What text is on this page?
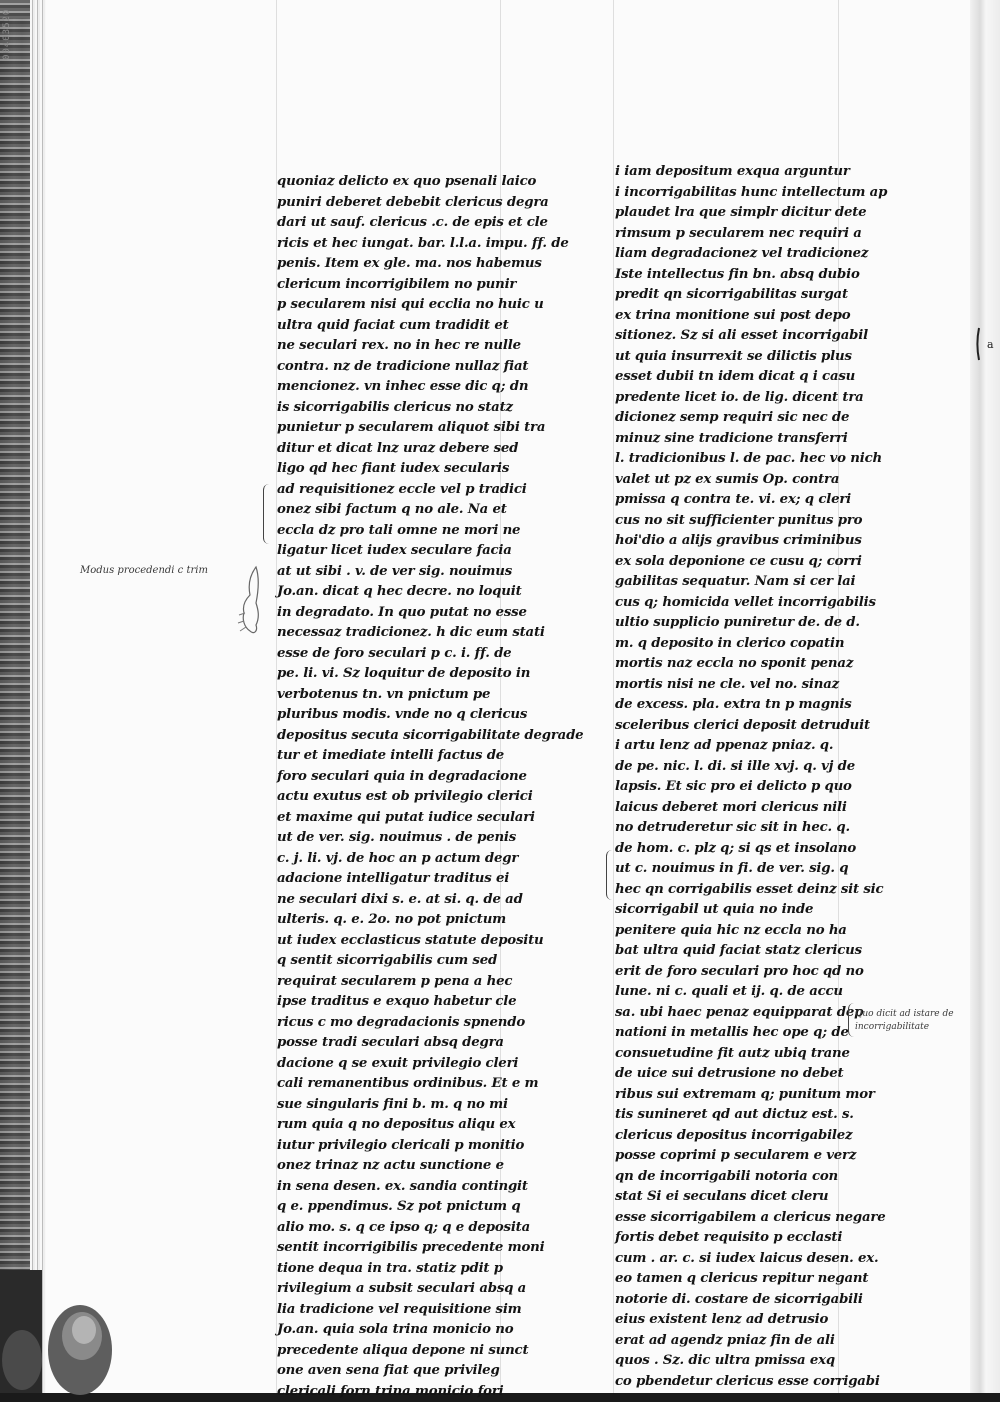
00403520
quoniaz delicto ex quo psenali laico
puniri deberet debebit clericus degra
dari ut sauf. clericus .c. de epis et cle
ricis et hec iungat. bar. l.l.a. impu. ff. de
penis. Item ex gle. ma. nos habemus
clericum incorrigibilem no punir
p secularem nisi qui ecclia no huic u
ultra quid faciat cum tradidit et
ne seculari rex. no in hec re nulle
contra. nz de tradicione nullaz fiat
mencionez. vn inhec esse dic q; dn
is sicorrigabilis clericus no statz
punietur p secularem aliquot sibi tra
ditur et dicat lnz uraz debere sed
ligo qd hec fiant iudex secularis
ad requisitionez eccle vel p tradici
onez sibi factum q no ale. Na et
eccla dz pro tali omne ne mori ne
ligatur licet iudex seculare facia
at ut sibi . v. de ver sig. nouimus
Jo.an. dicat q hec decre. no loquit
in degradato. In quo putat no esse
necessaz tradicionez. h dic eum stati
esse de foro seculari p c. i. ff. de
pe. li. vi. Sz loquitur de deposito in
verbotenus tn. vn pnictum pe
pluribus modis. vnde no q clericus
depositus secuta sicorrigabilitate degrade
tur et imediate intelli factus de
foro seculari quia in degradacione
actu exutus est ob privilegio clerici
et maxime qui putat iudice seculari
ut de ver. sig. nouimus . de penis
c. j. li. vj. de hoc an p actum degr
adacione intelligatur traditus ei
ne seculari dixi s. e. at si. q. de ad
ulteris. q. e. 2o. no pot pnictum
ut iudex ecclasticus statute depositu
q sentit sicorrigabilis cum sed
requirat secularem p pena a hec
ipse traditus e exquo habetur cle
ricus c mo degradacionis spnendo
posse tradi seculari absq degra
dacione q se exuit privilegio cleri
cali remanentibus ordinibus. Et e m
sue singularis fini b. m. q no mi
rum quia q no depositus aliqu ex
iutur privilegio clericali p monitio
onez trinaz nz actu sunctione e
in sena desen. ex. sandia contingit
q e. ppendimus. Sz pot pnictum q
alio mo. s. q ce ipso q; q e deposita
sentit incorrigibilis precedente moni
tione dequa in tra. statiz pdit p
rivilegium a subsit seculari absq a
lia tradicione vel requisitione sim
Jo.an. quia sola trina monicio no
precedente aliqua depone ni sunct
one aven sena fiat que privileg
clericali forn trina monicio fori
i iam depositum exqua arguntur
i incorrigabilitas hunc intellectum ap
plaudet lra que simplr dicitur dete
rimsum p secularem nec requiri a
liam degradacionez vel tradicionez
Iste intellectus fin bn. absq dubio
predit qn sicorrigabilitas surgat
ex trina monitione sui post depo
sitionez. Sz si ali esset incorrigabil
ut quia insurrexit se dilictis plus
esset dubii tn idem dicat q i casu
predente licet io. de lig. dicent tra
dicionez semp requiri sic nec de
minuz sine tradicione transferri
l. tradicionibus l. de pac. hec vo nich
valet ut pz ex sumis Op. contra
pmissa q contra te. vi. ex; q cleri
cus no sit sufficienter punitus pro
hoi'dio a alijs gravibus criminibus
ex sola deponione ce cusu q; corri
gabilitas sequatur. Nam si cer lai
cus q; homicida vellet incorrigabilis
ultio supplicio puniretur de. de d.
m. q deposito in clerico copatin
mortis naz eccla no sponit penaz
mortis nisi ne cle. vel no. sinaz
de excess. pla. extra tn p magnis
sceleribus clerici deposit detruduit
i artu lenz ad ppenaz pniaz. q.
de pe. nic. l. di. si ille xvj. q. vj de
lapsis. Et sic pro ei delicto p quo
laicus deberet mori clericus nili
no detruderetur sic sit in hec. q.
de hom. c. plz q; si qs et insolano
ut c. nouimus in fi. de ver. sig. q
hec qn corrigabilis esset deinz sit sic
sicorrigabil ut quia no inde
penitere quia hic nz eccla no ha
bat ultra quid faciat statz clericus
erit de foro seculari pro hoc qd no
lune. ni c. quali et ij. q. de accu
sa. ubi haec penaz equipparat dep
nationi in metallis hec ope q; de
consuetudine fit autz ubiq trane
de uice sui detrusione no debet
ribus sui extremam q; punitum mor
tis sunineret qd aut dictuz est. s.
clericus depositus incorrigabilez
posse coprimi p secularem e verz
qn de incorrigabili notoria con
stat Si ei seculans dicet cleru
esse sicorrigabilem a clericus negare
fortis debet requisito p ecclasti
cum . ar. c. si iudex laicus desen. ex.
eo tamen q clericus repitur negant
notorie di. costare de sicorrigabili
eius existent lenz ad detrusio
erat ad agendz pniaz fin de ali
quos . Sz. dic ultra pmissa exq
co pbendetur clericus esse corrigabi
Modus procedendi c trim
Quo dicit ad istare de
incorrigabilitate
a
